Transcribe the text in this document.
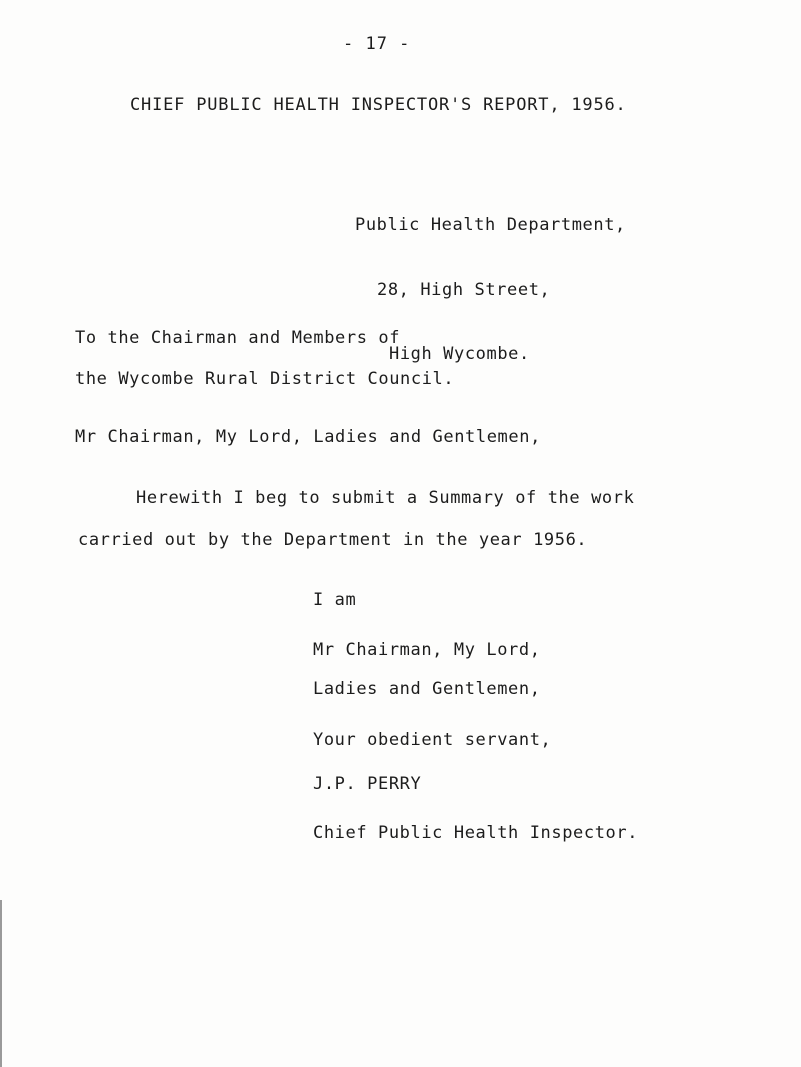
- 17 -
CHIEF PUBLIC HEALTH INSPECTOR'S REPORT, 1956.

Public Health Department,

28, High Street,

High Wycombe.

To the Chairman and Members of
the Wycombe Rural District Council.
Mr Chairman, My Lord, Ladies and Gentlemen,
Herewith I beg to submit a Summary of the work
carried out by the Department in the year 1956.
I am
Mr Chairman, My Lord,
Ladies and Gentlemen,
Your obedient servant,
J.P. PERRY
Chief Public Health Inspector.
